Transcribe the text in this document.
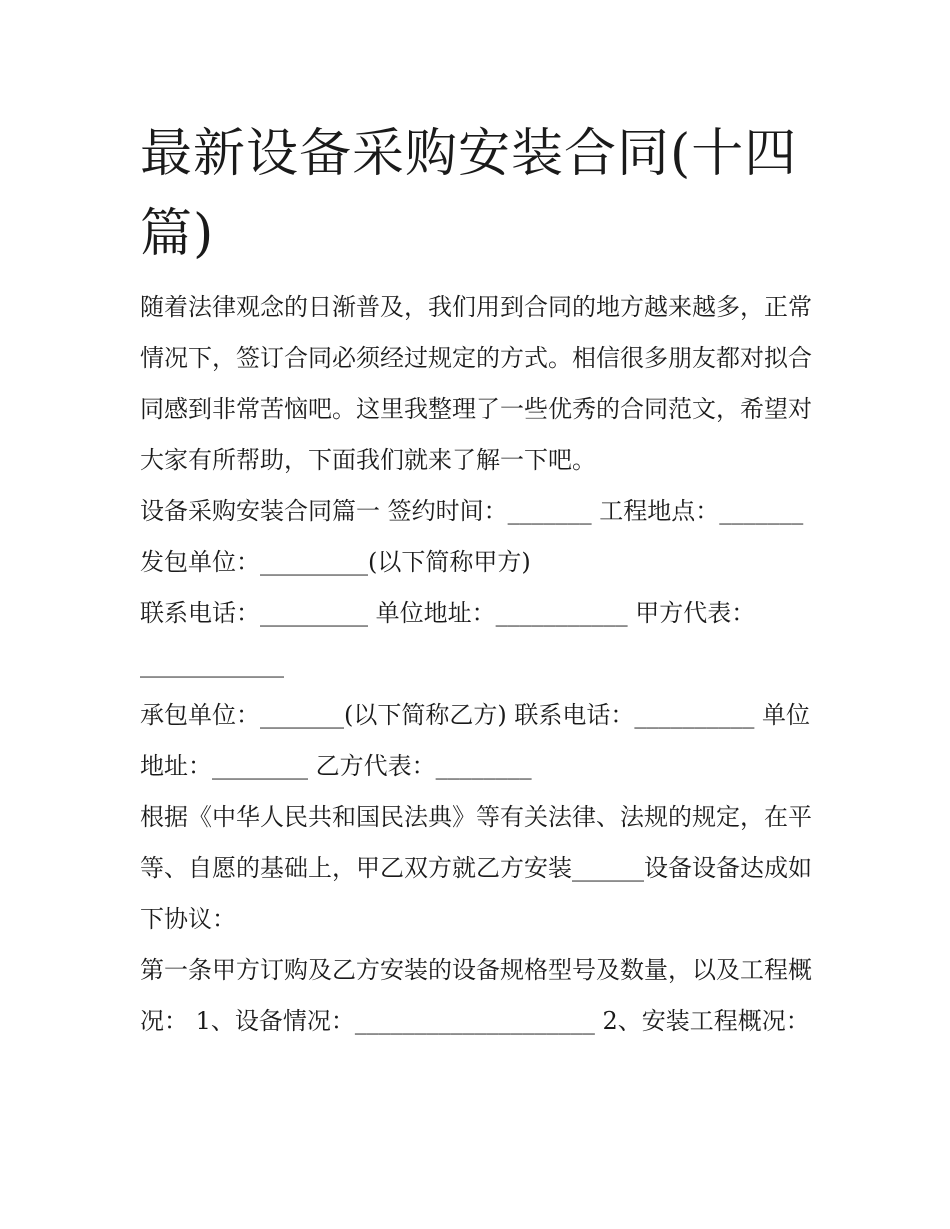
最新设备采购安装合同(十四篇)

随着法律观念的日渐普及，我们用到合同的地方越来越多，正常情况下，签订合同必须经过规定的方式。相信很多朋友都对拟合同感到非常苦恼吧。这里我整理了一些优秀的合同范文，希望对大家有所帮助，下面我们就来了解一下吧。

设备采购安装合同篇一 签约时间：_______ 工程地点：_______ 发包单位：_________(以下简称甲方)

联系电话：_________ 单位地址：___________ 甲方代表：____________

承包单位：_______(以下简称乙方) 联系电话：__________ 单位地址：________ 乙方代表：________

根据《中华人民共和国民法典》等有关法律、法规的规定，在平等、自愿的基础上，甲乙双方就乙方安装______设备设备达成如下协议：

第一条甲方订购及乙方安装的设备规格型号及数量，以及工程概况： 1、设备情况：____________________ 2、安装工程概况：
